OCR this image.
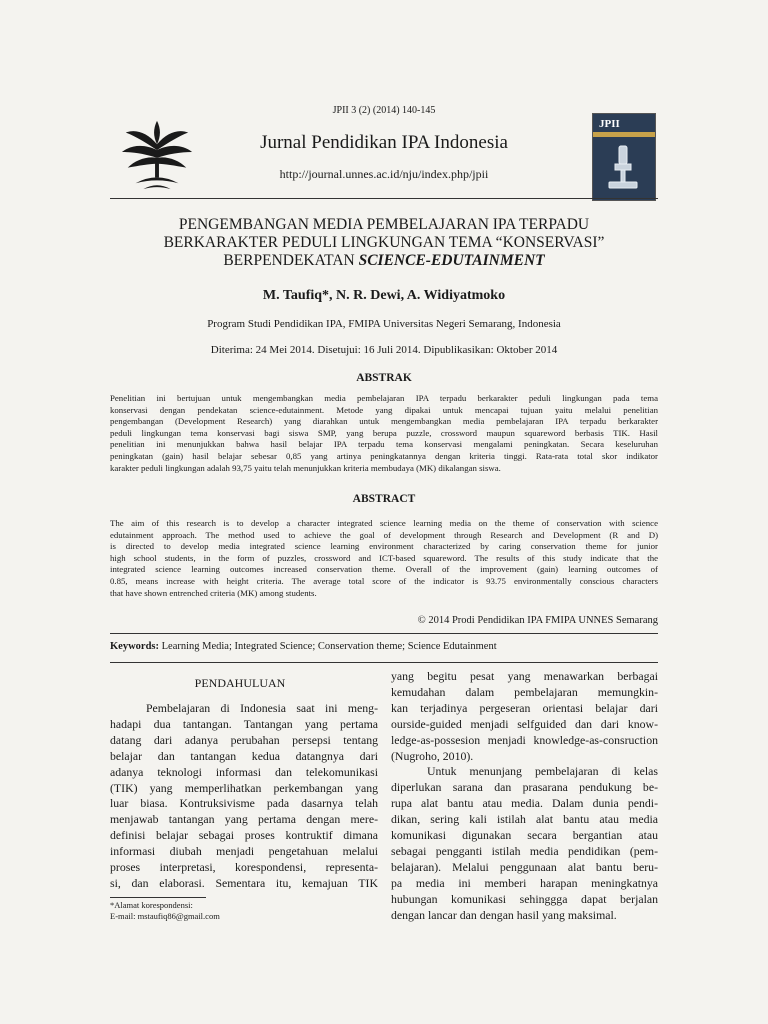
JPII 3 (2) (2014) 140-145
JPII
Jurnal Pendidikan IPA Indonesia
http://journal.unnes.ac.id/nju/index.php/jpii
PENGEMBANGAN MEDIA PEMBELAJARAN IPA TERPADU
BERKARAKTER PEDULI LINGKUNGAN TEMA “KONSERVASI”
BERPENDEKATAN SCIENCE-EDUTAINMENT
M. Taufiq*, N. R. Dewi, A. Widiyatmoko
Program Studi Pendidikan IPA, FMIPA Universitas Negeri Semarang, Indonesia
Diterima: 24 Mei 2014. Disetujui: 16 Juli 2014. Dipublikasikan: Oktober 2014
ABSTRAK
Penelitian ini bertujuan untuk mengembangkan media pembelajaran IPA terpadu berkarakter peduli lingkungan pada tema
konservasi dengan pendekatan science-edutainment. Metode yang dipakai untuk mencapai tujuan yaitu melalui penelitian
pengembangan (Development Research) yang diarahkan untuk mengembangkan media pembelajaran IPA terpadu berkarakter
peduli lingkungan tema konservasi bagi siswa SMP, yang berupa puzzle, crossword maupun squareword berbasis TIK. Hasil
penelitian ini menunjukkan bahwa hasil belajar IPA terpadu tema konservasi mengalami peningkatan. Secara keseluruhan
peningkatan (gain) hasil belajar sebesar 0,85 yang artinya peningkatannya dengan kriteria tinggi. Rata-rata total skor indikator
karakter peduli lingkungan adalah 93,75 yaitu telah menunjukkan kriteria membudaya (MK) dikalangan siswa.
ABSTRACT
The aim of this research is to develop a character integrated science learning media on the theme of conservation with science
edutainment approach. The method used to achieve the goal of development through Research and Development (R and D)
is directed to develop media integrated science learning environment characterized by caring conservation theme for junior
high school students, in the form of puzzles, crossword and ICT-based squareword. The results of this study indicate that the
integrated science learning outcomes increased conservation theme. Overall of the improvement (gain) learning outcomes of
0.85, means increase with height criteria. The average total score of the indicator is 93.75 environmentally conscious characters
that have shown entrenched criteria (MK) among students.
© 2014 Prodi Pendidikan IPA FMIPA UNNES Semarang
Keywords: Learning Media; Integrated Science; Conservation theme; Science Edutainment
PENDAHULUAN
Pembelajaran di Indonesia saat ini meng-
hadapi dua tantangan. Tantangan yang pertama
datang dari adanya perubahan persepsi tentang
belajar dan tantangan kedua datangnya dari
adanya teknologi informasi dan telekomunikasi
(TIK) yang memperlihatkan perkembangan yang
luar biasa. Kontruksivisme pada dasarnya telah
menjawab tantangan yang pertama dengan mere-
definisi belajar sebagai proses kontruktif dimana
informasi diubah menjadi pengetahuan melalui
proses interpretasi, korespondensi, representa-
si, dan elaborasi. Sementara itu, kemajuan TIK
yang begitu pesat yang menawarkan berbagai
kemudahan dalam pembelajaran memungkin-
kan terjadinya pergeseran orientasi belajar dari
ourside-guided menjadi selfguided dan dari know-
ledge-as-possesion menjadi knowledge-as-consruction
(Nugroho, 2010).
Untuk menunjang pembelajaran di kelas
diperlukan sarana dan prasarana pendukung be-
rupa alat bantu atau media. Dalam dunia pendi-
dikan, sering kali istilah alat bantu atau media
komunikasi digunakan secara bergantian atau
sebagai pengganti istilah media pendidikan (pem-
belajaran). Melalui penggunaan alat bantu beru-
pa media ini memberi harapan meningkatnya
hubungan komunikasi sehinggga dapat berjalan
dengan lancar dan dengan hasil yang maksimal.
*Alamat korespondensi:
E-mail: mstaufiq86@gmail.com
